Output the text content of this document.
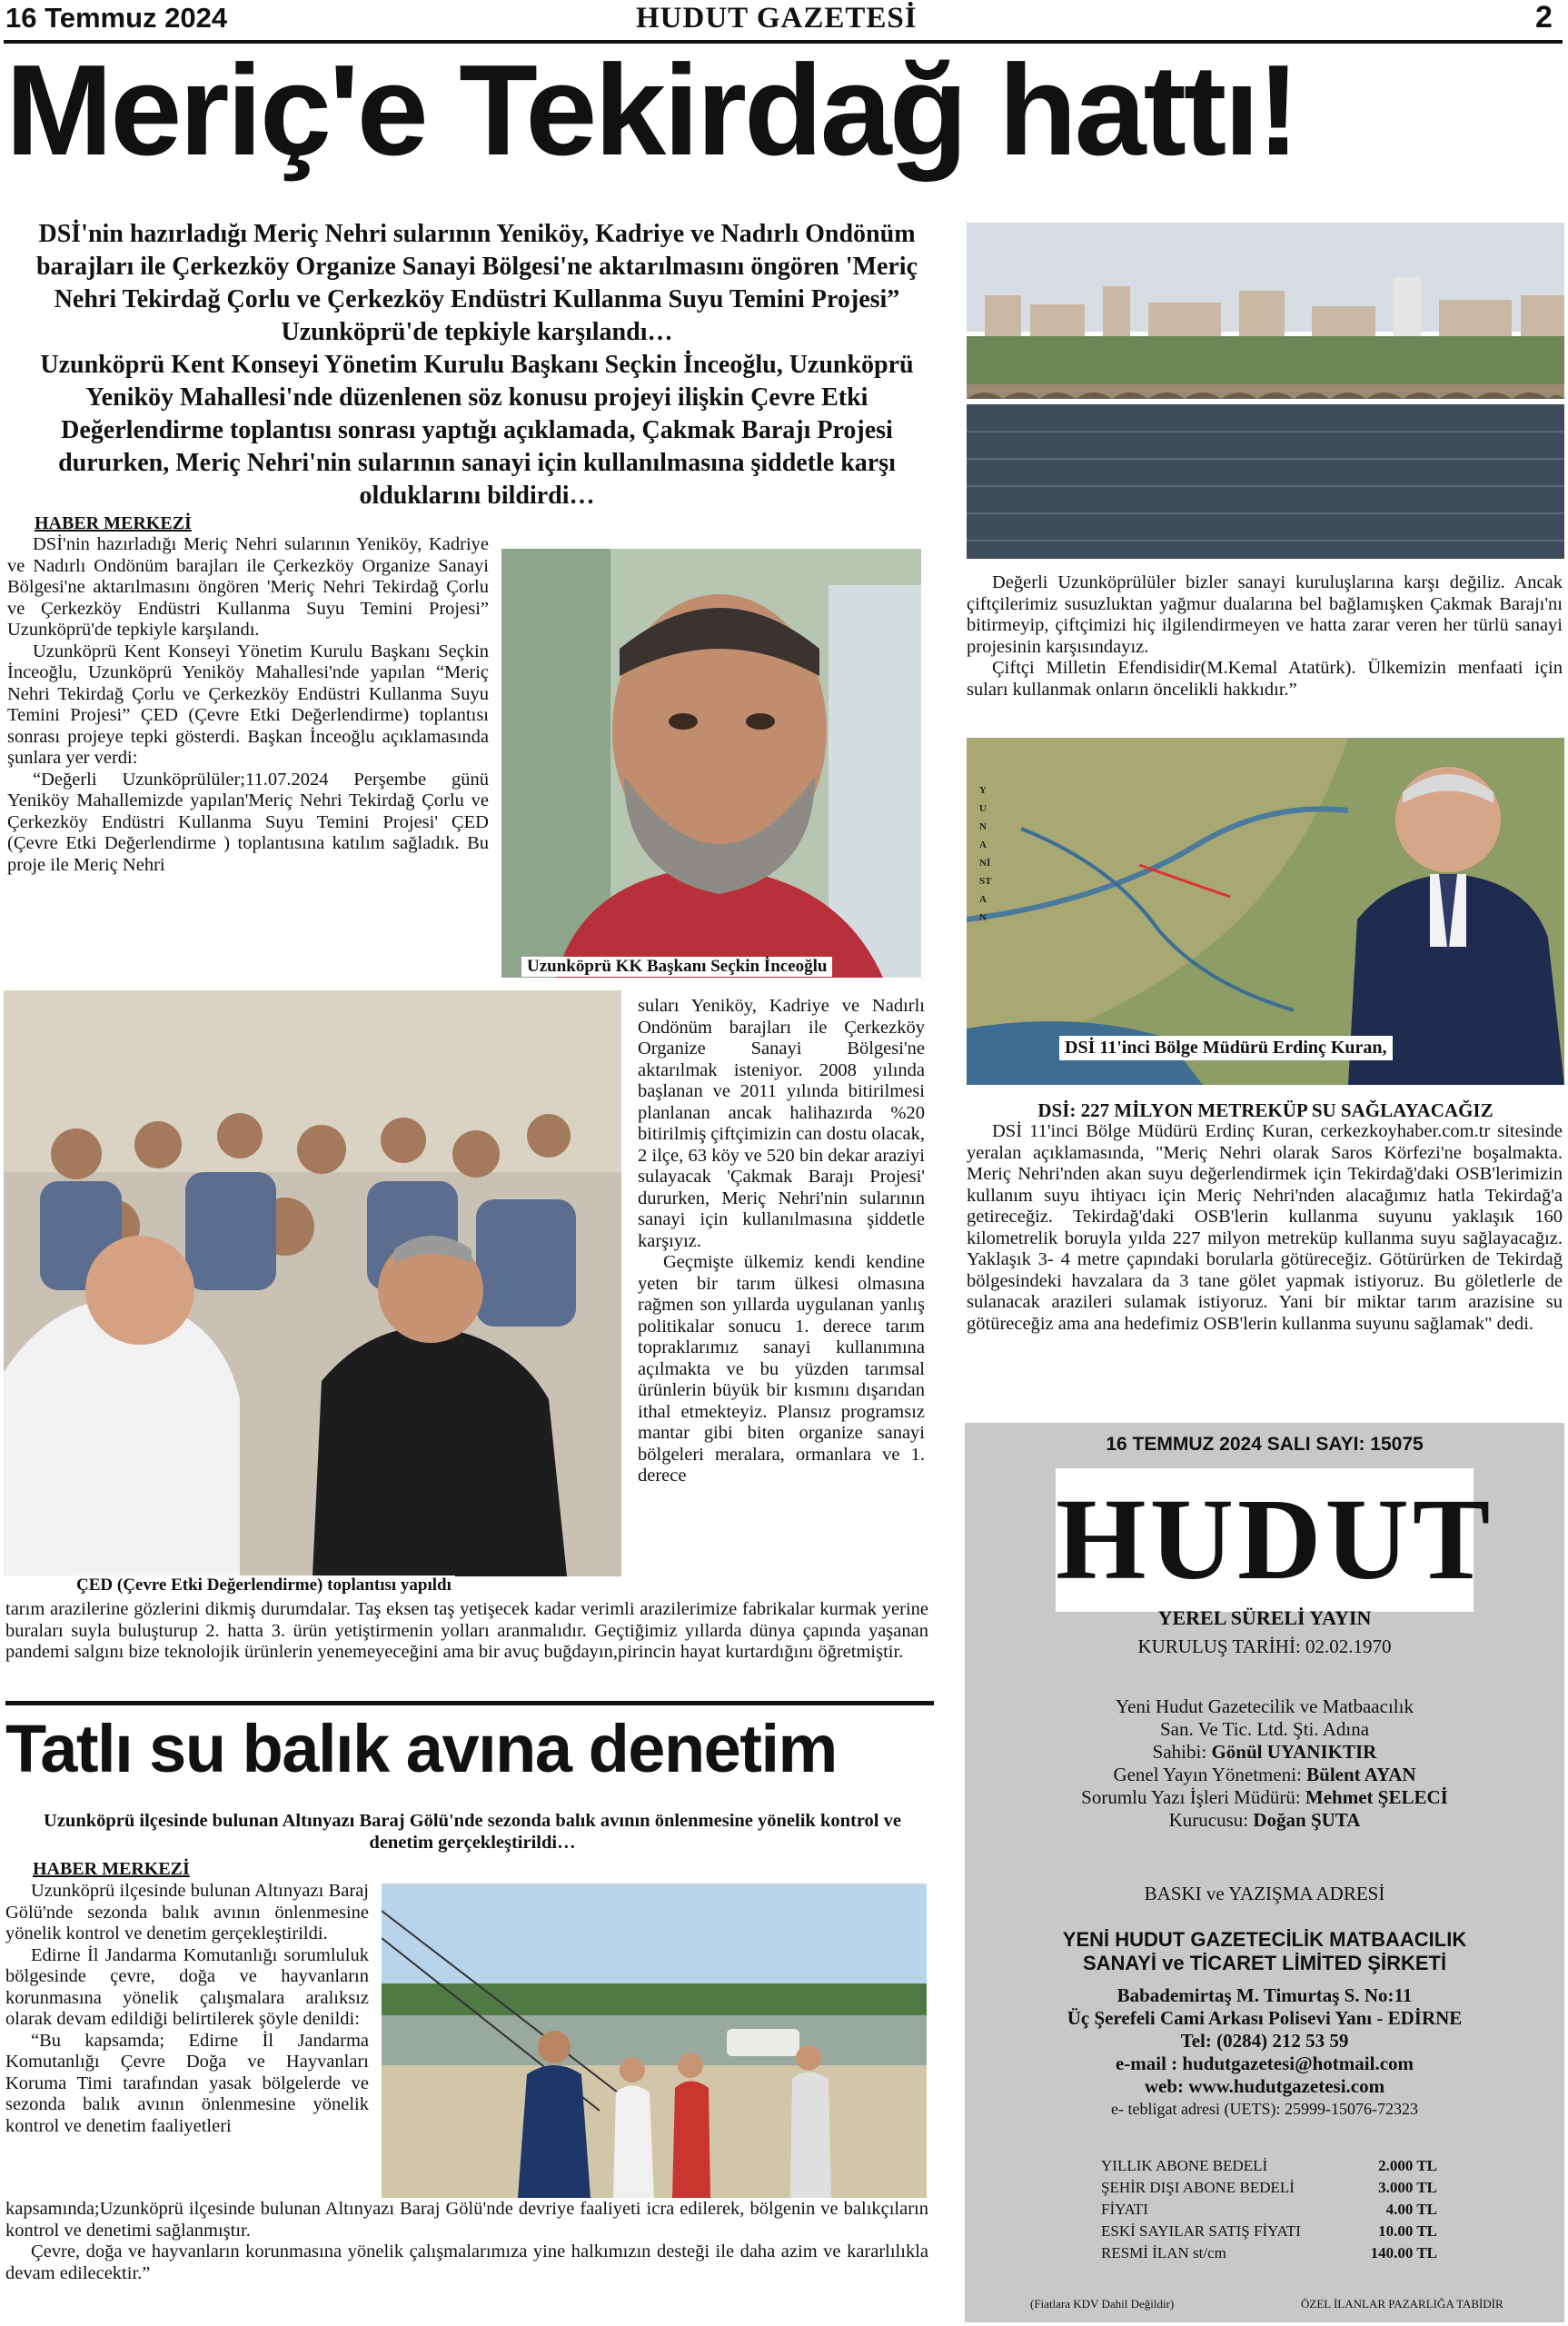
16 Temmuz 2024	HUDUT GAZETESİ	2
Meriç'e Tekirdağ hattı!
DSİ'nin hazırladığı Meriç Nehri sularının Yeniköy, Kadriye ve Nadırlı Ondönüm barajları ile Çerkezköy Organize Sanayi Bölgesi'ne aktarılmasını öngören 'Meriç Nehri Tekirdağ Çorlu ve Çerkezköy Endüstri Kullanma Suyu Temini Projesi” Uzunköprü'de tepkiyle karşılandı…
Uzunköprü Kent Konseyi Yönetim Kurulu Başkanı Seçkin İnceoğlu, Uzunköprü Yeniköy Mahallesi'nde düzenlenen söz konusu projeyi ilişkin Çevre Etki Değerlendirme toplantısı sonrası yaptığı açıklamada, Çakmak Barajı Projesi dururken, Meriç Nehri'nin sularının sanayi için kullanılmasına şiddetle karşı olduklarını bildirdi…
HABER MERKEZİ

DSİ'nin hazırladığı Meriç Nehri sularının Yeniköy, Kadriye ve Nadırlı Ondönüm barajları ile Çerkezköy Organize Sanayi Bölgesi'ne aktarılmasını öngören 'Meriç Nehri Tekirdağ Çorlu ve Çerkezköy Endüstri Kullanma Suyu Temini Projesi” Uzunköprü'de tepkiyle karşılandı.

Uzunköprü Kent Konseyi Yönetim Kurulu Başkanı Seçkin İnceoğlu, Uzunköprü Yeniköy Mahallesi'nde yapılan “Meriç Nehri Tekirdağ Çorlu ve Çerkezköy Endüstri Kullanma Suyu Temini Projesi” ÇED (Çevre Etki Değerlendirme) toplantısı sonrası projeye tepki gösterdi. Başkan İnceoğlu açıklamasında şunlara yer verdi:

“Değerli Uzunköprülüler;11.07.2024 Perşembe günü Yeniköy Mahallemizde yapılan'Meriç Nehri Tekirdağ Çorlu ve Çerkezköy Endüstri Kullanma Suyu Temini Projesi' ÇED (Çevre Etki Değerlendirme ) toplantısına katılım sağladık. Bu proje ile Meriç Nehri

Uzunköprü KK Başkanı Seçkin İnceoğlu
ÇED (Çevre Etki Değerlendirme) toplantısı yapıldı

suları Yeniköy, Kadriye ve Nadırlı Ondönüm barajları ile Çerkezköy Organize Sanayi Bölgesi'ne aktarılmak isteniyor. 2008 yılında başlanan ve 2011 yılında bitirilmesi planlanan ancak halihazırda %20 bitirilmiş çiftçimizin can dostu olacak, 2 ilçe, 63 köy ve 520 bin dekar araziyi sulayacak 'Çakmak Barajı Projesi' dururken, Meriç Nehri'nin sularının sanayi için kullanılmasına şiddetle karşıyız.

Geçmişte ülkemiz kendi kendine yeten bir tarım ülkesi olmasına rağmen son yıllarda uygulanan yanlış politikalar sonucu 1. derece tarım topraklarımız sanayi kullanımına açılmakta ve bu yüzden tarımsal ürünlerin büyük bir kısmını dışarıdan ithal etmekteyiz. Plansız programsız mantar gibi biten organize sanayi bölgeleri meralara, ormanlara ve 1. derece

tarım arazilerine gözlerini dikmiş durumdalar. Taş eksen taş yetişecek kadar verimli arazilerimize fabrikalar kurmak yerine buraları suyla buluşturup 2. hatta 3. ürün yetiştirmenin yolları aranmalıdır. Geçtiğimiz yıllarda dünya çapında yaşanan pandemi salgını bize teknolojik ürünlerin yenemeyeceğini ama bir avuç buğdayın,pirincin hayat kurtardığını öğretmiştir.

Değerli Uzunköprülüler bizler sanayi kuruluşlarına karşı değiliz. Ancak çiftçilerimiz susuzluktan yağmur dualarına bel bağlamışken Çakmak Barajı'nı bitirmeyip, çiftçimizi hiç ilgilendirmeyen ve hatta zarar veren her türlü sanayi projesinin karşısındayız.

Çiftçi Milletin Efendisidir(M.Kemal Atatürk). Ülkemizin menfaati için suları kullanmak onların öncelikli hakkıdır.”

YUNANİSTAN
DSİ 11'inci Bölge Müdürü Erdinç Kuran,
DSİ: 227 MİLYON METREKÜP SU SAĞLAYACAĞIZ

DSİ 11'inci Bölge Müdürü Erdinç Kuran, cerkezkoyhaber.com.tr sitesinde yeralan açıklamasında, "Meriç Nehri olarak Saros Körfezi'ne boşalmakta. Meriç Nehri'nden akan suyu değerlendirmek için Tekirdağ'daki OSB'lerimizin kullanım suyu ihtiyacı için Meriç Nehri'nden alacağımız hatla Tekirdağ'a getireceğiz. Tekirdağ'daki OSB'lerin kullanma suyunu yaklaşık 160 kilometrelik boruyla yılda 227 milyon metreküp kullanma suyu sağlayacağız. Yaklaşık 3- 4 metre çapındaki borularla götüreceğiz. Götürürken de Tekirdağ bölgesindeki havzalara da 3 tane gölet yapmak istiyoruz. Bu göletlerle de sulanacak arazileri sulamak istiyoruz. Yani bir miktar tarım arazisine su götüreceğiz ama ana hedefimiz OSB'lerin kullanma suyunu sağlamak" dedi.

Tatlı su balık avına denetim
Uzunköprü ilçesinde bulunan Altınyazı Baraj Gölü'nde sezonda balık avının önlenmesine yönelik kontrol ve denetim gerçekleştirildi…
HABER MERKEZİ

Uzunköprü ilçesinde bulunan Altınyazı Baraj Gölü'nde sezonda balık avının önlenmesine yönelik kontrol ve denetim gerçekleştirildi.

Edirne İl Jandarma Komutanlığı sorumluluk bölgesinde çevre, doğa ve hayvanların korunmasına yönelik çalışmalara aralıksız olarak devam edildiği belirtilerek şöyle denildi:

“Bu kapsamda; Edirne İl Jandarma Komutanlığı Çevre Doğa ve Hayvanları Koruma Timi tarafından yasak bölgelerde ve sezonda balık avının önlenmesine yönelik kontrol ve denetim faaliyetleri

kapsamında;Uzunköprü ilçesinde bulunan Altınyazı Baraj Gölü'nde devriye faaliyeti icra edilerek, bölgenin ve balıkçıların kontrol ve denetimi sağlanmıştır.

Çevre, doğa ve hayvanların korunmasına yönelik çalışmalarımıza yine halkımızın desteği ile daha azim ve kararlılıkla devam edilecektir.”

16 TEMMUZ 2024 SALI SAYI: 15075
HUDUT
YEREL SÜRELİ YAYIN
KURULUŞ TARİHİ: 02.02.1970
Yeni Hudut Gazetecilik ve Matbaacılık
San. Ve Tic. Ltd. Şti. Adına
Sahibi: Gönül UYANIKTIR
Genel Yayın Yönetmeni: Bülent AYAN
Sorumlu Yazı İşleri Müdürü: Mehmet ŞELECİ
Kurucusu: Doğan ŞUTA
BASKI ve YAZIŞMA ADRESİ
YENİ HUDUT GAZETECİLİK MATBAACILIK
SANAYİ ve TİCARET LİMİTED ŞİRKETİ
Babademirtaş M. Timurtaş S. No:11
Üç Şerefeli Cami Arkası Polisevi Yanı - EDİRNE
Tel: (0284) 212 53 59
e-mail : hudutgazetesi@hotmail.com
web: www.hudutgazetesi.com
e- tebligat adresi (UETS): 25999-15076-72323
YILLIK ABONE BEDELİ	2.000 TL
ŞEHİR DIŞI ABONE BEDELİ	3.000 TL
FİYATI	4.00 TL
ESKİ SAYILAR SATIŞ FİYATI	10.00 TL
RESMİ İLAN st/cm	140.00 TL
(Fiatlara KDV Dahil Değildir)	ÖZEL İLANLAR PAZARLIĞA TABİDİR
